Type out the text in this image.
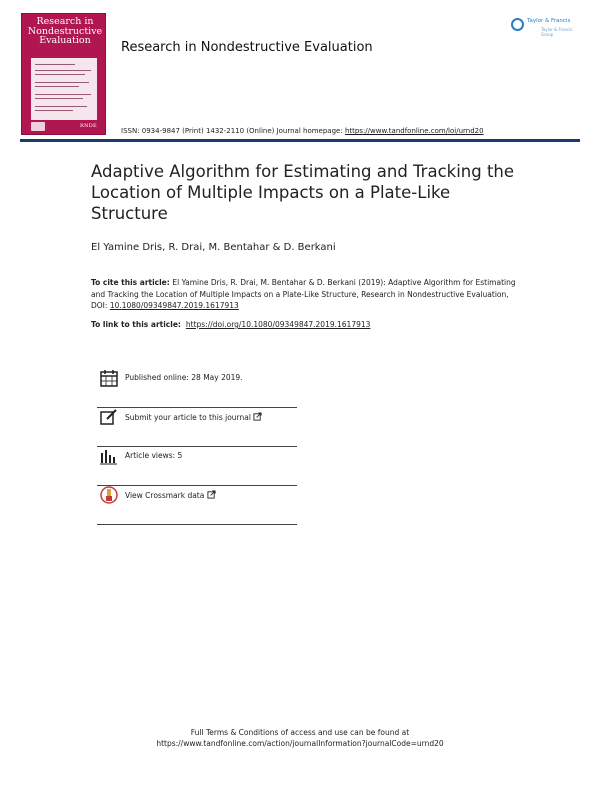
Research in
Nondestructive
Evaluation
RNDE
Research in Nondestructive Evaluation
Taylor & Francis
Taylor & Francis Group
ISSN: 0934-9847 (Print) 1432-2110 (Online) Journal homepage: https://www.tandfonline.com/loi/urnd20
Adaptive Algorithm for Estimating and Tracking the Location of Multiple Impacts on a Plate-Like Structure
El Yamine Dris, R. Drai, M. Bentahar & D. Berkani
To cite this article: El Yamine Dris, R. Drai, M. Bentahar & D. Berkani (2019): Adaptive Algorithm for Estimating and Tracking the Location of Multiple Impacts on a Plate-Like Structure, Research in Nondestructive Evaluation, DOI: 10.1080/09349847.2019.1617913
To link to this article:  https://doi.org/10.1080/09349847.2019.1617913
Published online: 28 May 2019.
Submit your article to this journal
Article views: 5
View Crossmark data
Full Terms & Conditions of access and use can be found at
https://www.tandfonline.com/action/journalInformation?journalCode=urnd20
